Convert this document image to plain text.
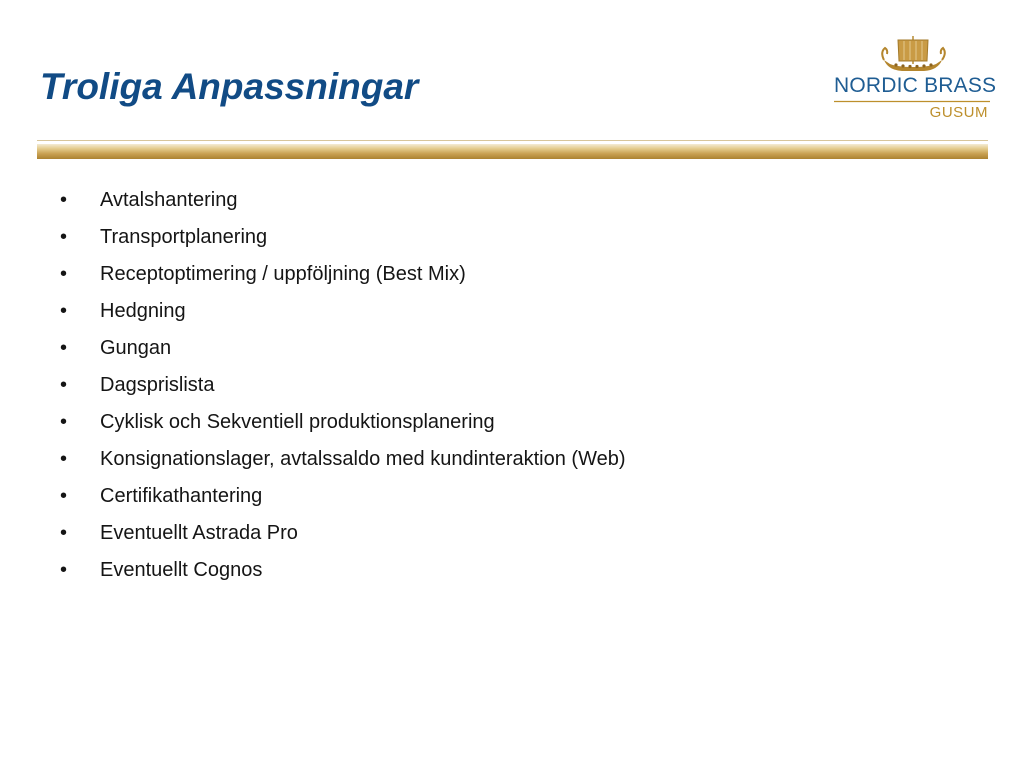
Troliga Anpassningar	NORDIC BRASS
GUSUM
•	Avtalshantering
•	Transportplanering
•	Receptoptimering / uppföljning (Best Mix)
•	Hedgning
•	Gungan
•	Dagsprislista
•	Cyklisk och Sekventiell produktionsplanering
•	Konsignationslager, avtalssaldo med kundinteraktion (Web)
•	Certifikathantering
•	Eventuellt Astrada Pro
•	Eventuellt Cognos
